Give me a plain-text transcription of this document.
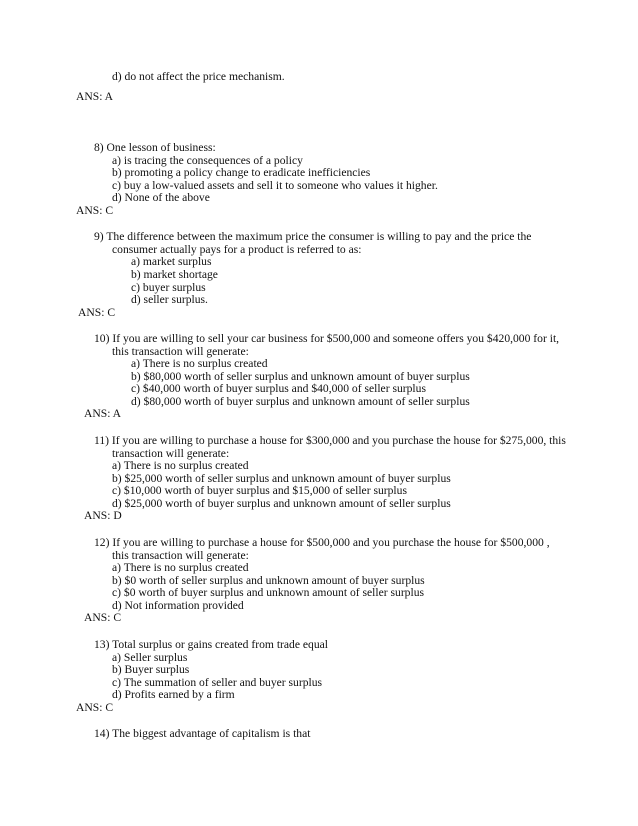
d) do not affect the price mechanism.
ANS: A
8) One lesson of business:
a) is tracing the consequences of a policy
b) promoting a policy change to eradicate inefficiencies
c) buy a low-valued assets and sell it to someone who values it higher.
d) None of the above
ANS: C
9) The difference between the maximum price the consumer is willing to pay and the price the
consumer actually pays for a product is referred to as:
a) market surplus
b) market shortage
c) buyer surplus
d) seller surplus.
ANS: C
10) If you are willing to sell your car business for $500,000 and someone offers you $420,000 for it,
this transaction will generate:
a) There is no surplus created
b) $80,000 worth of seller surplus and unknown amount of buyer surplus
c) $40,000 worth of buyer surplus and $40,000 of seller surplus
d) $80,000 worth of buyer surplus and unknown amount of seller surplus
ANS: A
11) If you are willing to purchase a house for $300,000 and you purchase the house for $275,000, this
transaction will generate:
a) There is no surplus created
b) $25,000 worth of seller surplus and unknown amount of buyer surplus
c) $10,000 worth of buyer surplus and $15,000 of seller surplus
d) $25,000 worth of buyer surplus and unknown amount of seller surplus
ANS: D
12) If you are willing to purchase a house for $500,000 and you purchase the house for $500,000 ,
this transaction will generate:
a) There is no surplus created
b) $0 worth of seller surplus and unknown amount of buyer surplus
c) $0 worth of buyer surplus and unknown amount of seller surplus
d) Not information provided
ANS: C
13) Total surplus or gains created from trade equal
a) Seller surplus
b) Buyer surplus
c) The summation of seller and buyer surplus
d) Profits earned by a firm
ANS: C
14) The biggest advantage of capitalism is that
